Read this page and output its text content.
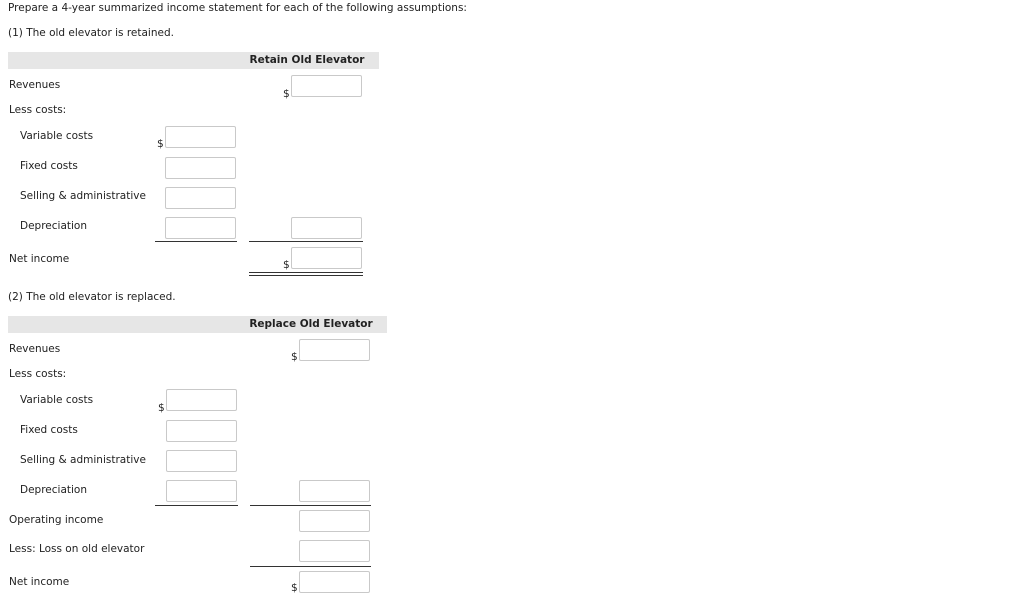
Prepare a 4-year summarized income statement for each of the following assumptions:
(1) The old elevator is retained.
Retain Old Elevator
Revenues
$
Less costs:
Variable costs
$
Fixed costs
Selling & administrative
Depreciation
Net income	$
(2) The old elevator is replaced.
Replace Old Elevator
Revenues
$
Less costs:
Variable costs
$
Fixed costs
Selling & administrative
Depreciation
Operating income
Less: Loss on old elevator
Net income	$
